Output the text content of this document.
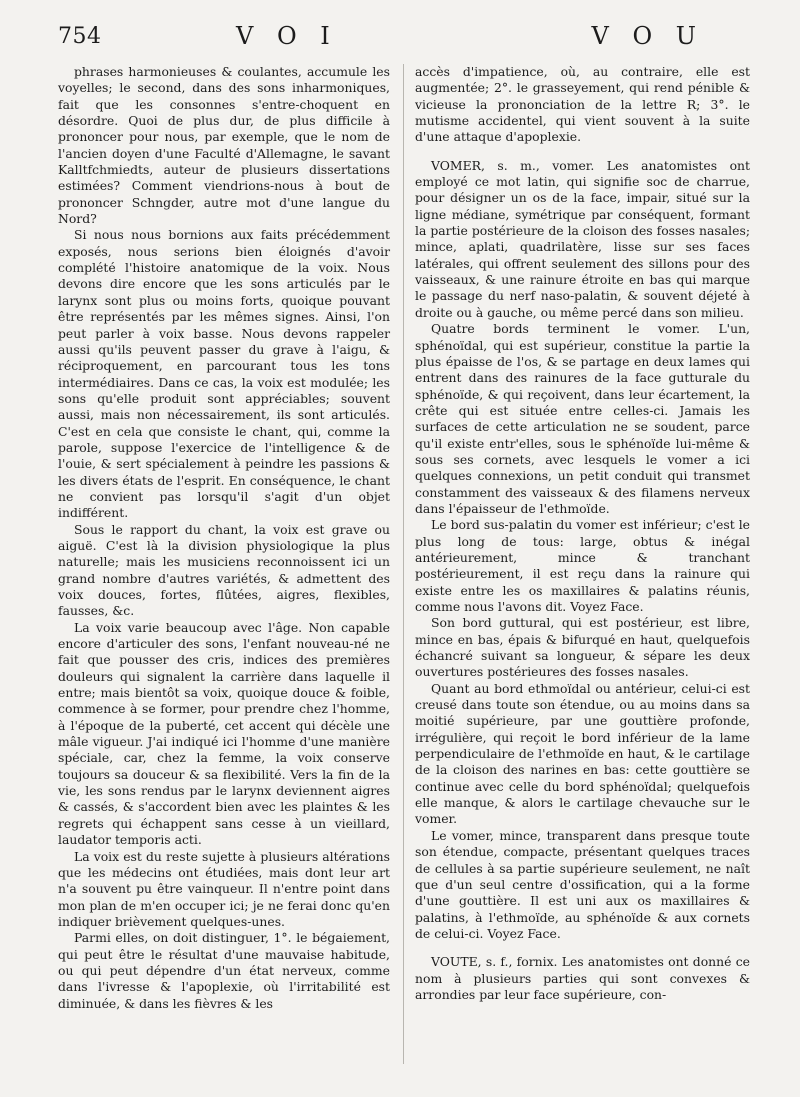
754	V O I	V O U

phrases harmonieuses & coulantes, accumule les voyelles; le second, dans des sons inharmoniques, fait que les consonnes s'entre-choquent en désordre. Quoi de plus dur, de plus difficile à prononcer pour nous, par exemple, que le nom de l'ancien doyen d'une Faculté d'Allemagne, le savant Kalltfchmiedts, auteur de plusieurs dissertations estimées? Comment viendrions-nous à bout de prononcer Schngder, autre mot d'une langue du Nord?

Si nous nous bornions aux faits précédemment exposés, nous serions bien éloignés d'avoir complété l'histoire anatomique de la voix. Nous devons dire encore que les sons articulés par le larynx sont plus ou moins forts, quoique pouvant être représentés par les mêmes signes. Ainsi, l'on peut parler à voix basse. Nous devons rappeler aussi qu'ils peuvent passer du grave à l'aigu, & réciproquement, en parcourant tous les tons intermédiaires. Dans ce cas, la voix est modulée; les sons qu'elle produit sont appréciables; souvent aussi, mais non nécessairement, ils sont articulés. C'est en cela que consiste le chant, qui, comme la parole, suppose l'exercice de l'intelligence & de l'ouie, & sert spécialement à peindre les passions & les divers états de l'esprit. En conséquence, le chant ne convient pas lorsqu'il s'agit d'un objet indifférent.

Sous le rapport du chant, la voix est grave ou aiguë. C'est là la division physiologique la plus naturelle; mais les musiciens reconnoissent ici un grand nombre d'autres variétés, & admettent des voix douces, fortes, flûtées, aigres, flexibles, fausses, &c.

La voix varie beaucoup avec l'âge. Non capable encore d'articuler des sons, l'enfant nouveau-né ne fait que pousser des cris, indices des premières douleurs qui signalent la carrière dans laquelle il entre; mais bientôt sa voix, quoique douce & foible, commence à se former, pour prendre chez l'homme, à l'époque de la puberté, cet accent qui décèle une mâle vigueur. J'ai indiqué ici l'homme d'une manière spéciale, car, chez la femme, la voix conserve toujours sa douceur & sa flexibilité. Vers la fin de la vie, les sons rendus par le larynx deviennent aigres & cassés, & s'accordent bien avec les plaintes & les regrets qui échappent sans cesse à un vieillard, laudator temporis acti.

La voix est du reste sujette à plusieurs altérations que les médecins ont étudiées, mais dont leur art n'a souvent pu être vainqueur. Il n'entre point dans mon plan de m'en occuper ici; je ne ferai donc qu'en indiquer brièvement quelques-unes.

Parmi elles, on doit distinguer, 1°. le bégaiement, qui peut être le résultat d'une mauvaise habitude, ou qui peut dépendre d'un état nerveux, comme dans l'ivresse & l'apoplexie, où l'irritabilité est diminuée, & dans les fièvres & les

accès d'impatience, où, au contraire, elle est augmentée; 2°. le grasseyement, qui rend pénible & vicieuse la prononciation de la lettre R; 3°. le mutisme accidentel, qui vient souvent à la suite d'une attaque d'apoplexie.

VOMER, s. m., vomer. Les anatomistes ont employé ce mot latin, qui signifie soc de charrue, pour désigner un os de la face, impair, situé sur la ligne médiane, symétrique par conséquent, formant la partie postérieure de la cloison des fosses nasales; mince, aplati, quadrilatère, lisse sur ses faces latérales, qui offrent seulement des sillons pour des vaisseaux, & une rainure étroite en bas qui marque le passage du nerf naso-palatin, & souvent déjeté à droite ou à gauche, ou même percé dans son milieu.

Quatre bords terminent le vomer. L'un, sphénoïdal, qui est supérieur, constitue la partie la plus épaisse de l'os, & se partage en deux lames qui entrent dans des rainures de la face gutturale du sphénoïde, & qui reçoivent, dans leur écartement, la crête qui est située entre celles-ci. Jamais les surfaces de cette articulation ne se soudent, parce qu'il existe entr'elles, sous le sphénoïde lui-même & sous ses cornets, avec lesquels le vomer a ici quelques connexions, un petit conduit qui transmet constamment des vaisseaux & des filamens nerveux dans l'épaisseur de l'ethmoïde.

Le bord sus-palatin du vomer est inférieur; c'est le plus long de tous: large, obtus & inégal antérieurement, mince & tranchant postérieurement, il est reçu dans la rainure qui existe entre les os maxillaires & palatins réunis, comme nous l'avons dit. Voyez Face.

Son bord guttural, qui est postérieur, est libre, mince en bas, épais & bifurqué en haut, quelquefois échancré suivant sa longueur, & sépare les deux ouvertures postérieures des fosses nasales.

Quant au bord ethmoïdal ou antérieur, celui-ci est creusé dans toute son étendue, ou au moins dans sa moitié supérieure, par une gouttière profonde, irrégulière, qui reçoit le bord inférieur de la lame perpendiculaire de l'ethmoïde en haut, & le cartilage de la cloison des narines en bas: cette gouttière se continue avec celle du bord sphénoïdal; quelquefois elle manque, & alors le cartilage chevauche sur le vomer.

Le vomer, mince, transparent dans presque toute son étendue, compacte, présentant quelques traces de cellules à sa partie supérieure seulement, ne naît que d'un seul centre d'ossification, qui a la forme d'une gouttière. Il est uni aux os maxillaires & palatins, à l'ethmoïde, au sphénoïde & aux cornets de celui-ci. Voyez Face.

VOUTE, s. f., fornix. Les anatomistes ont donné ce nom à plusieurs parties qui sont convexes & arrondies par leur face supérieure, con-
